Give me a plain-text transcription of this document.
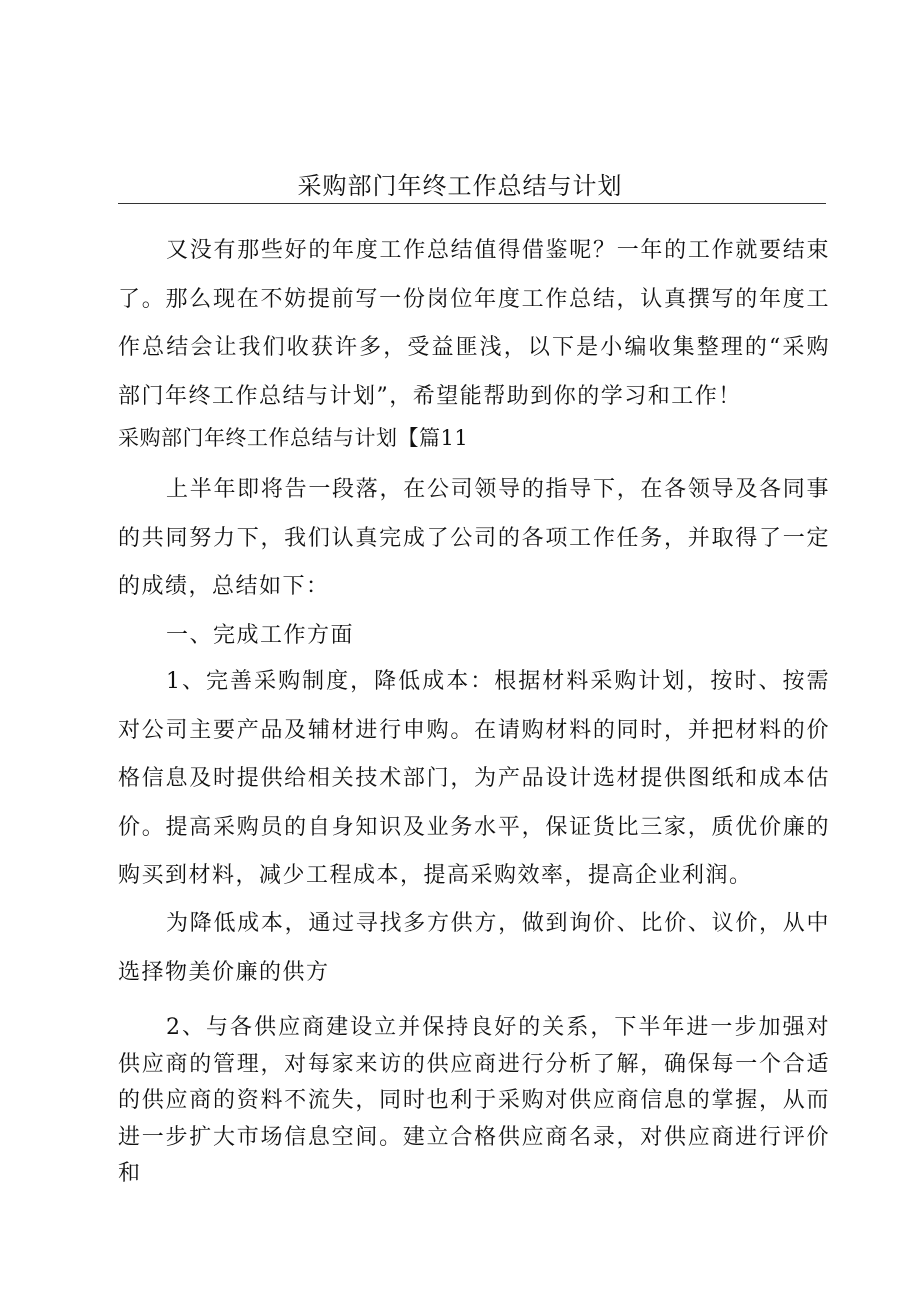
采购部门年终工作总结与计划

又没有那些好的年度工作总结值得借鉴呢？一年的工作就要结束了。那么现在不妨提前写一份岗位年度工作总结，认真撰写的年度工作总结会让我们收获许多，受益匪浅，以下是小编收集整理的“采购部门年终工作总结与计划”，希望能帮助到你的学习和工作！

采购部门年终工作总结与计划【篇11

上半年即将告一段落，在公司领导的指导下，在各领导及各同事的共同努力下，我们认真完成了公司的各项工作任务，并取得了一定的成绩，总结如下：

一、完成工作方面

1、完善采购制度，降低成本：根据材料采购计划，按时、按需对公司主要产品及辅材进行申购。在请购材料的同时，并把材料的价格信息及时提供给相关技术部门，为产品设计选材提供图纸和成本估价。提高采购员的自身知识及业务水平，保证货比三家，质优价廉的购买到材料，减少工程成本，提高采购效率，提高企业利润。

为降低成本，通过寻找多方供方，做到询价、比价、议价，从中选择物美价廉的供方

2、与各供应商建设立并保持良好的关系，下半年进一步加强对供应商的管理，对每家来访的供应商进行分析了解，确保每一个合适的供应商的资料不流失，同时也利于采购对供应商信息的掌握，从而进一步扩大市场信息空间。建立合格供应商名录，对供应商进行评价和
